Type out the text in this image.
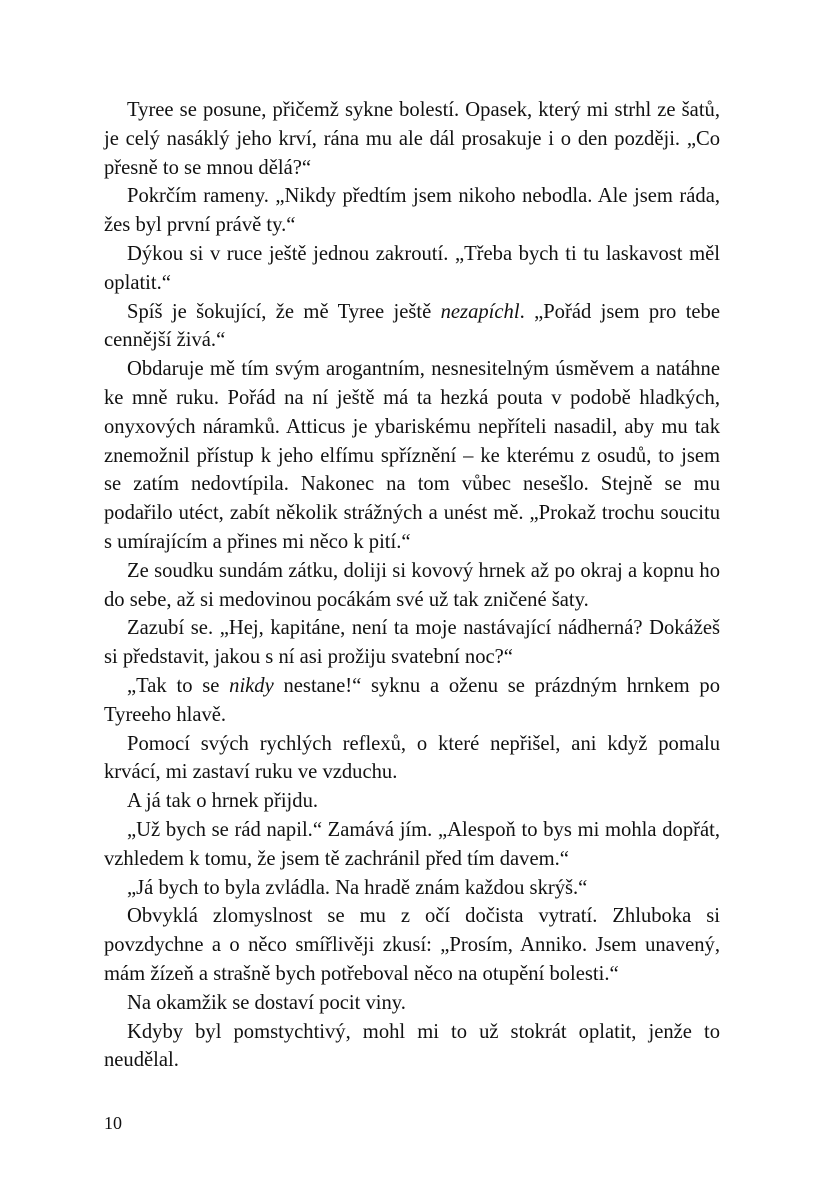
Tyree se posune, přičemž sykne bolestí. Opasek, který mi strhl ze šatů, je celý nasáklý jeho krví, rána mu ale dál prosakuje i o den později. „Co přesně to se mnou dělá?“

Pokrčím rameny. „Nikdy předtím jsem nikoho nebodla. Ale jsem ráda, žes byl první právě ty.“

Dýkou si v ruce ještě jednou zakroutí. „Třeba bych ti tu laskavost měl oplatit.“

Spíš je šokující, že mě Tyree ještě nezapíchl. „Pořád jsem pro tebe cennější živá.“

Obdaruje mě tím svým arogantním, nesnesitelným úsměvem a natáhne ke mně ruku. Pořád na ní ještě má ta hezká pouta v podobě hladkých, onyxových náramků. Atticus je ybariskému nepříteli nasadil, aby mu tak znemožnil přístup k jeho elfímu spříznění – ke kterému z osudů, to jsem se zatím nedovtípila. Nakonec na tom vůbec nesešlo. Stejně se mu podařilo utéct, zabít několik strážných a unést mě. „Prokaž trochu soucitu s umírajícím a přines mi něco k pití.“

Ze soudku sundám zátku, doliji si kovový hrnek až po okraj a kopnu ho do sebe, až si medovinou pocákám své už tak zničené šaty.

Zazubí se. „Hej, kapitáne, není ta moje nastávající nádherná? Dokážeš si představit, jakou s ní asi prožiju svatební noc?“

„Tak to se nikdy nestane!“ syknu a oženu se prázdným hrnkem po Tyreeho hlavě.

Pomocí svých rychlých reflexů, o které nepřišel, ani když pomalu krvácí, mi zastaví ruku ve vzduchu.

A já tak o hrnek přijdu.

„Už bych se rád napil.“ Zamává jím. „Alespoň to bys mi mohla dopřát, vzhledem k tomu, že jsem tě zachránil před tím davem.“

„Já bych to byla zvládla. Na hradě znám každou skrýš.“

Obvyklá zlomyslnost se mu z očí dočista vytratí. Zhluboka si povzdychne a o něco smířlivěji zkusí: „Prosím, Anniko. Jsem unavený, mám žízeň a strašně bych potřeboval něco na otupění bolesti.“

Na okamžik se dostaví pocit viny.

Kdyby byl pomstychtivý, mohl mi to už stokrát oplatit, jenže to neudělal.

10
